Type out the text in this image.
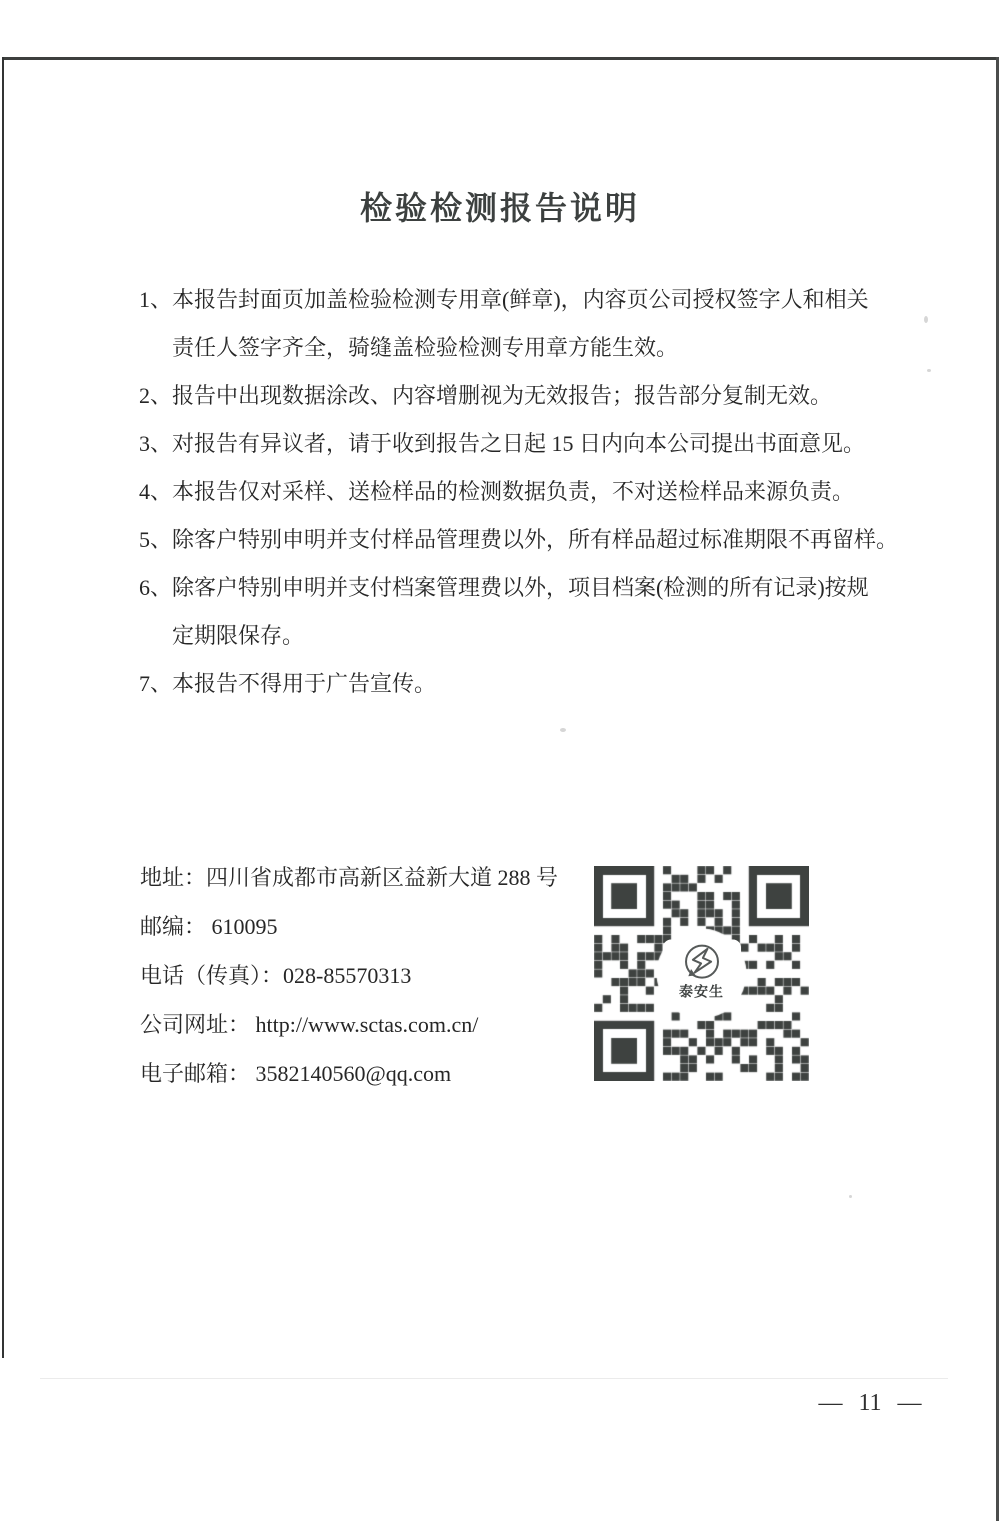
检验检测报告说明
1、 本报告封面页加盖检验检测专用章(鲜章)，内容页公司授权签字人和相关
责任人签字齐全，骑缝盖检验检测专用章方能生效。
2、 报告中出现数据涂改、内容增删视为无效报告；报告部分复制无效。
3、 对报告有异议者，请于收到报告之日起 15 日内向本公司提出书面意见。
4、 本报告仅对采样、送检样品的检测数据负责，不对送检样品来源负责。
5、 除客户特别申明并支付样品管理费以外，所有样品超过标准期限不再留样。
6、 除客户特别申明并支付档案管理费以外，项目档案(检测的所有记录)按规
定期限保存。
7、 本报告不得用于广告宣传。
地址：四川省成都市高新区益新大道 288 号
邮编： 610095
电话（传真）：028-85570313
公司网址： http://www.sctas.com.cn/
电子邮箱： 3582140560@qq.com
泰安生
— 11 —
